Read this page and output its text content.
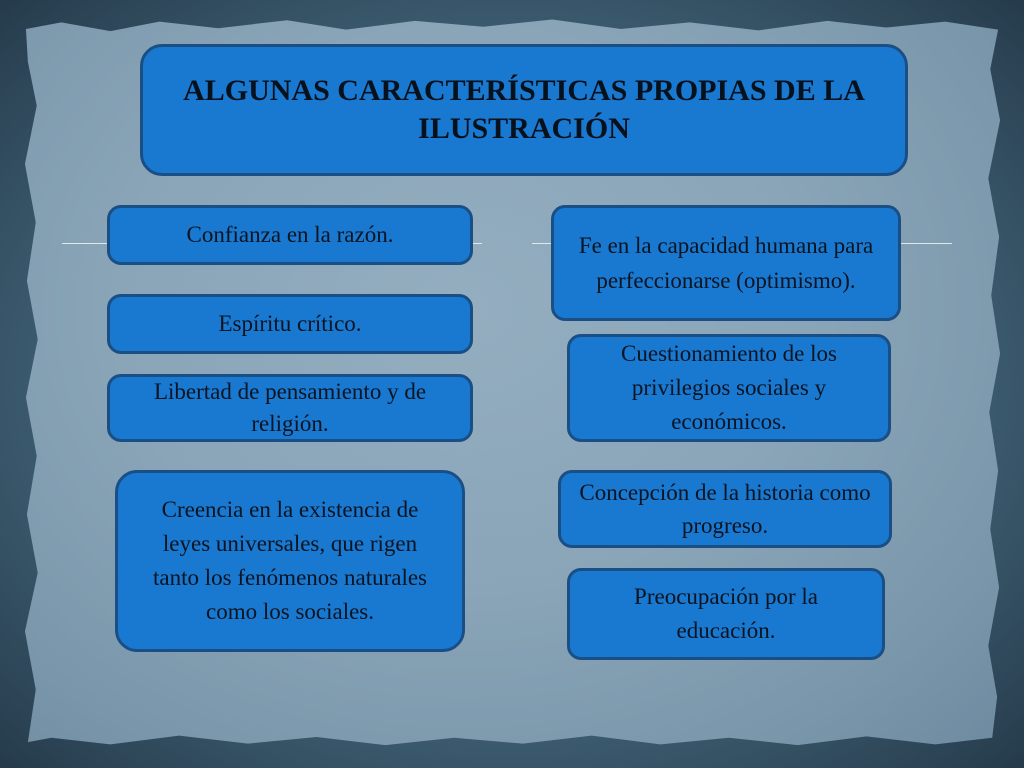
ALGUNAS CARACTERÍSTICAS PROPIAS DE LA ILUSTRACIÓN
Confianza en la razón.
Espíritu crítico.
Libertad de pensamiento y de religión.
Creencia en la existencia de leyes universales, que rigen tanto los fenómenos naturales como los sociales.
Fe en la capacidad humana para perfeccionarse (optimismo).
Cuestionamiento de los privilegios sociales y económicos.
Concepción de la historia como progreso.
Preocupación por la educación.
